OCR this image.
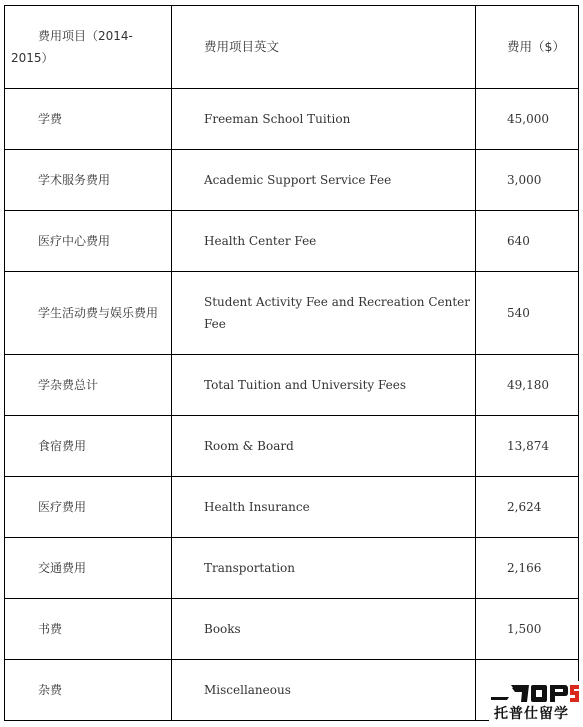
费用项目（2014-2015）	费用项目英文	费用（$）
学费	Freeman School Tuition	45,000
学术服务费用	Academic Support Service Fee	3,000
医疗中心费用	Health Center Fee	640
学生活动费与娱乐费用	Student Activity Fee and Recreation Center Fee	540
学杂费总计	Total Tuition and University Fees	49,180
食宿费用	Room & Board	13,874
医疗费用	Health Insurance	2,624
交通费用	Transportation	2,166
书费	Books	1,500
杂费	Miscellaneous	
托普仕留学
